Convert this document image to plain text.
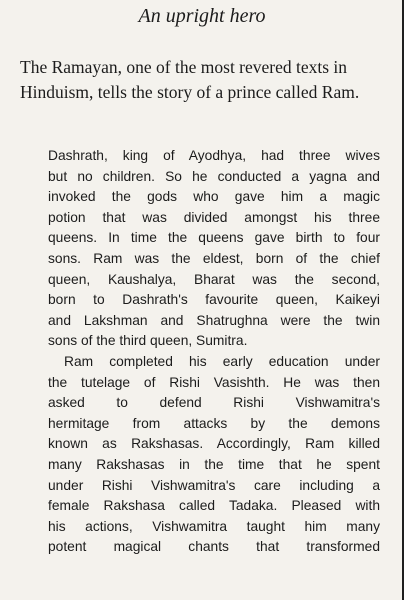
An upright hero

The Ramayan, one of the most revered texts in
Hinduism, tells the story of a prince called Ram.

Dashrath, king of Ayodhya, had three wives
but no children. So he conducted a yagna and
invoked the gods who gave him a magic
potion that was divided amongst his three
queens. In time the queens gave birth to four
sons. Ram was the eldest, born of the chief
queen, Kaushalya, Bharat was the second,
born to Dashrath's favourite queen, Kaikeyi
and Lakshman and Shatrughna were the twin
sons of the third queen, Sumitra.
Ram completed his early education under
the tutelage of Rishi Vasishth. He was then
asked to defend Rishi Vishwamitra's
hermitage from attacks by the demons
known as Rakshasas. Accordingly, Ram killed
many Rakshasas in the time that he spent
under Rishi Vishwamitra's care including a
female Rakshasa called Tadaka. Pleased with
his actions, Vishwamitra taught him many
potent magical chants that transformed
